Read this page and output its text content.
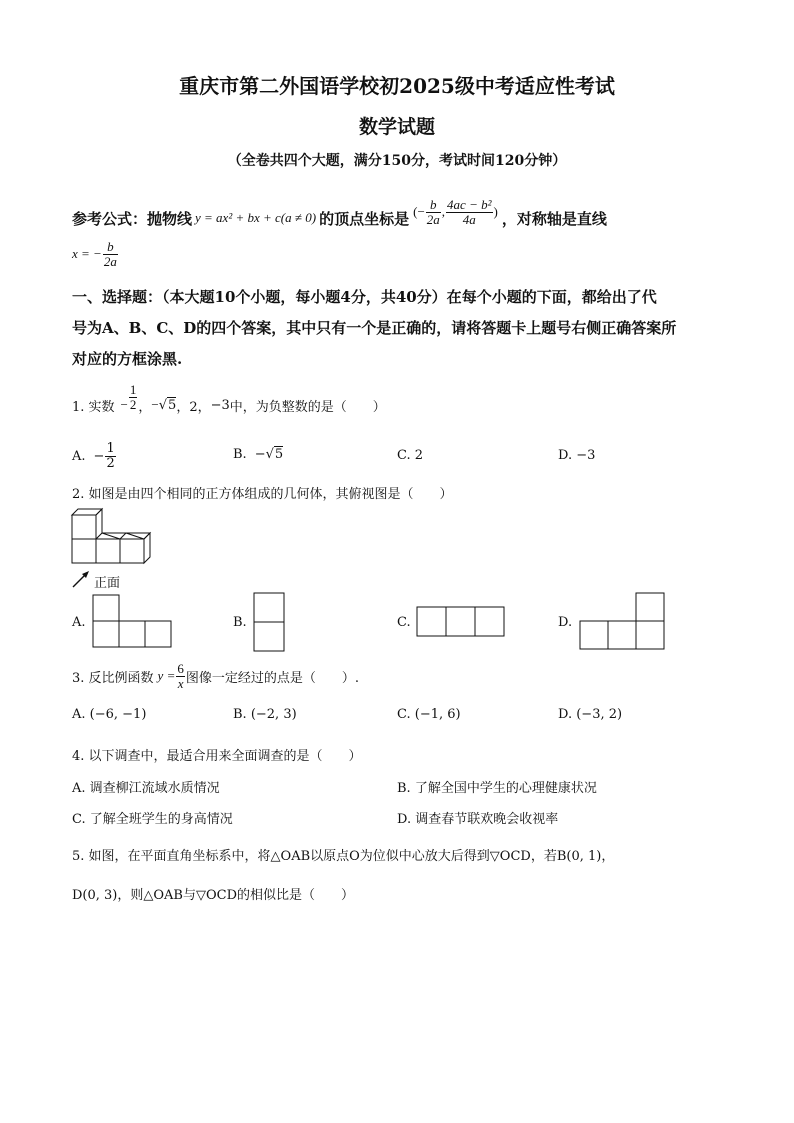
重庆市第二外国语学校初2025级中考适应性考试
数学试题
（全卷共四个大题，满分150分，考试时间120分钟）
参考公式：抛物线 y = ax² + bx + c(a ≠ 0) 的顶点坐标是 (− $\frac{b}{2a}$ , $\frac{\text{4ac − b²}}{4a}$ ) ，对称轴是直线
x = − $\frac{b}{2a}$
一、选择题：（本大题10个小题，每小题4分，共40分）在每个小题的下面，都给出了代
号为A、B、C、D的四个答案，其中只有一个是正确的，请将答题卡上题号右侧正确答案所
对应的方框涂黑.
1. 实数 − $\frac{1}{2}$ ， − √ 5 ，2， −3 中，为负整数的是（　　）
A. − $\frac{1}{2}$	B. − √ 5	C. 2	D. −3
2. 如图是由四个相同的正方体组成的几何体，其俯视图是（　　）
正面
A.	B.	C.	D.
3. 反比例函数 $y = \frac{6}{x}$ 图像一定经过的点是（　　）.
A. (−6, −1)	B. (−2, 3)	C. (−1, 6)	D. (−3, 2)
4. 以下调查中，最适合用来全面调查的是（　　）
A. 调查柳江流域水质情况	B. 了解全国中学生的心理健康状况
C. 了解全班学生的身高情况	D. 调查春节联欢晚会收视率
5. 如图，在平面直角坐标系中，将△OAB以原点O为位似中心放大后得到▽OCD，若B(0, 1)，
D(0, 3)，则△OAB与▽OCD的相似比是（　　）
